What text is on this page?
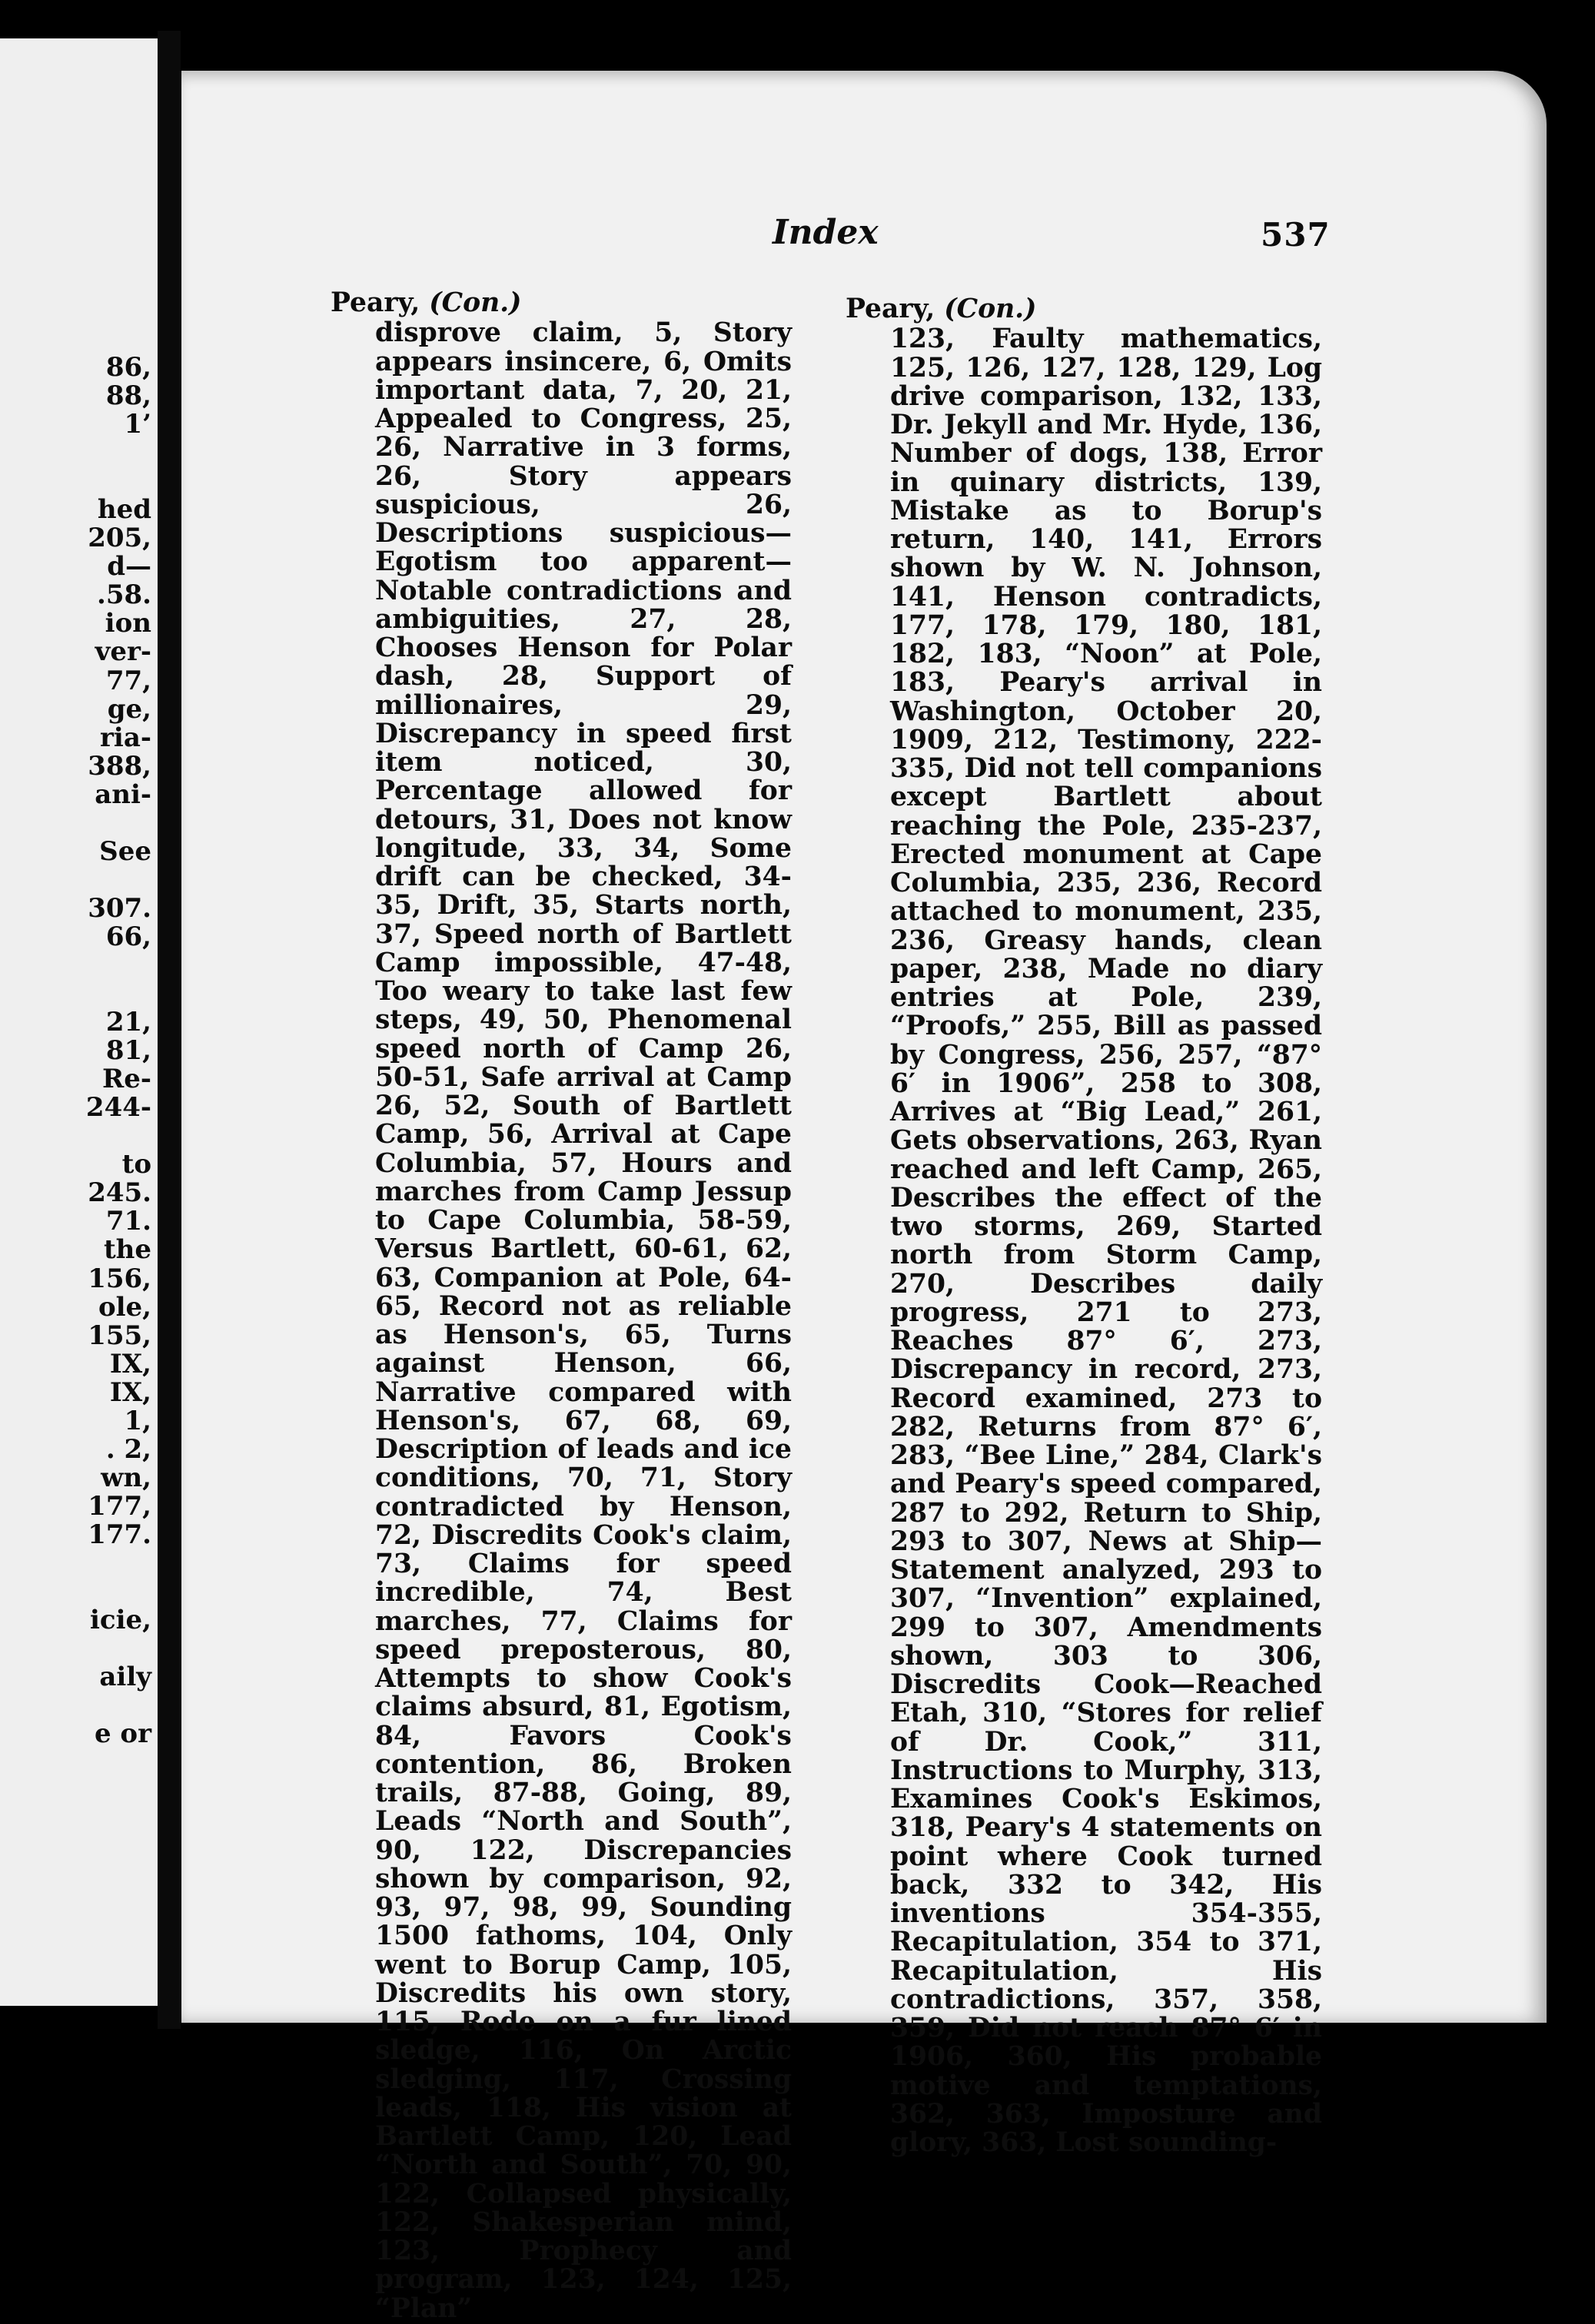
86,
88,
1’

hed
205,
d—
.58.
ion
ver-
77,
ge,
ria-
388,
ani-

See

307.
66,

21,
81,
Re-
244-

to
245.
71.
the
156,
ole,
155,
IX,
IX,
1,
. 2,
wn,
177,
177.

icie,

aily

e or
Index	537
Peary, (Con.)
disprove claim, 5, Story appears insincere, 6, Omits important data, 7, 20, 21, Appealed to Congress, 25, 26, Narrative in 3 forms, 26, Story appears suspicious, 26, Descriptions suspicious—Egotism too apparent—Notable contradictions and ambiguities, 27, 28, Chooses Henson for Polar dash, 28, Support of millionaires, 29, Discrepancy in speed first item noticed, 30, Percentage allowed for detours, 31, Does not know longitude, 33, 34, Some drift can be checked, 34-35, Drift, 35, Starts north, 37, Speed north of Bartlett Camp impossible, 47-48, Too weary to take last few steps, 49, 50, Phenomenal speed north of Camp 26, 50-51, Safe arrival at Camp 26, 52, South of Bartlett Camp, 56, Arrival at Cape Columbia, 57, Hours and marches from Camp Jessup to Cape Columbia, 58-59, Versus Bartlett, 60-61, 62, 63, Companion at Pole, 64-65, Record not as reliable as Henson's, 65, Turns against Henson, 66, Narrative compared with Henson's, 67, 68, 69, Description of leads and ice conditions, 70, 71, Story contradicted by Henson, 72, Discredits Cook's claim, 73, Claims for speed incredible, 74, Best marches, 77, Claims for speed preposterous, 80, Attempts to show Cook's claims absurd, 81, Egotism, 84, Favors Cook's contention, 86, Broken trails, 87-88, Going, 89, Leads “North and South”, 90, 122, Discrepancies shown by comparison, 92, 93, 97, 98, 99, Sounding 1500 fathoms, 104, Only went to Borup Camp, 105, Discredits his own story, 115, Rode on a fur lined sledge, 116, On Arctic sledging, 117, Crossing leads, 118, His vision at Bartlett Camp, 120, Lead “North and South”, 70, 90, 122, Collapsed physically, 122, Shakesperian mind, 123, Prophecy and program, 123, 124, 125, “Plan”
Peary, (Con.)
123, Faulty mathematics, 125, 126, 127, 128, 129, Log drive comparison, 132, 133, Dr. Jekyll and Mr. Hyde, 136, Number of dogs, 138, Error in quinary districts, 139, Mistake as to Borup's return, 140, 141, Errors shown by W. N. Johnson, 141, Henson contradicts, 177, 178, 179, 180, 181, 182, 183, “Noon” at Pole, 183, Peary's arrival in Washington, October 20, 1909, 212, Testimony, 222-335, Did not tell companions except Bartlett about reaching the Pole, 235-237, Erected monument at Cape Columbia, 235, 236, Record attached to monument, 235, 236, Greasy hands, clean paper, 238, Made no diary entries at Pole, 239, “Proofs,” 255, Bill as passed by Congress, 256, 257, “87° 6′ in 1906”, 258 to 308, Arrives at “Big Lead,” 261, Gets observations, 263, Ryan reached and left Camp, 265, Describes the effect of the two storms, 269, Started north from Storm Camp, 270, Describes daily progress, 271 to 273, Reaches 87° 6′, 273, Discrepancy in record, 273, Record examined, 273 to 282, Returns from 87° 6′, 283, “Bee Line,” 284, Clark's and Peary's speed compared, 287 to 292, Return to Ship, 293 to 307, News at Ship—Statement analyzed, 293 to 307, “Invention” explained, 299 to 307, Amendments shown, 303 to 306, Discredits Cook—Reached Etah, 310, “Stores for relief of Dr. Cook,” 311, Instructions to Murphy, 313, Examines Cook's Eskimos, 318, Peary's 4 statements on point where Cook turned back, 332 to 342, His inventions 354-355, Recapitulation, 354 to 371, Recapitulation, His contradictions, 357, 358, 359, Did not reach 87° 6′ in 1906, 360, His probable motive and temptations, 362, 363, Imposture and glory, 363, Lost sounding-
